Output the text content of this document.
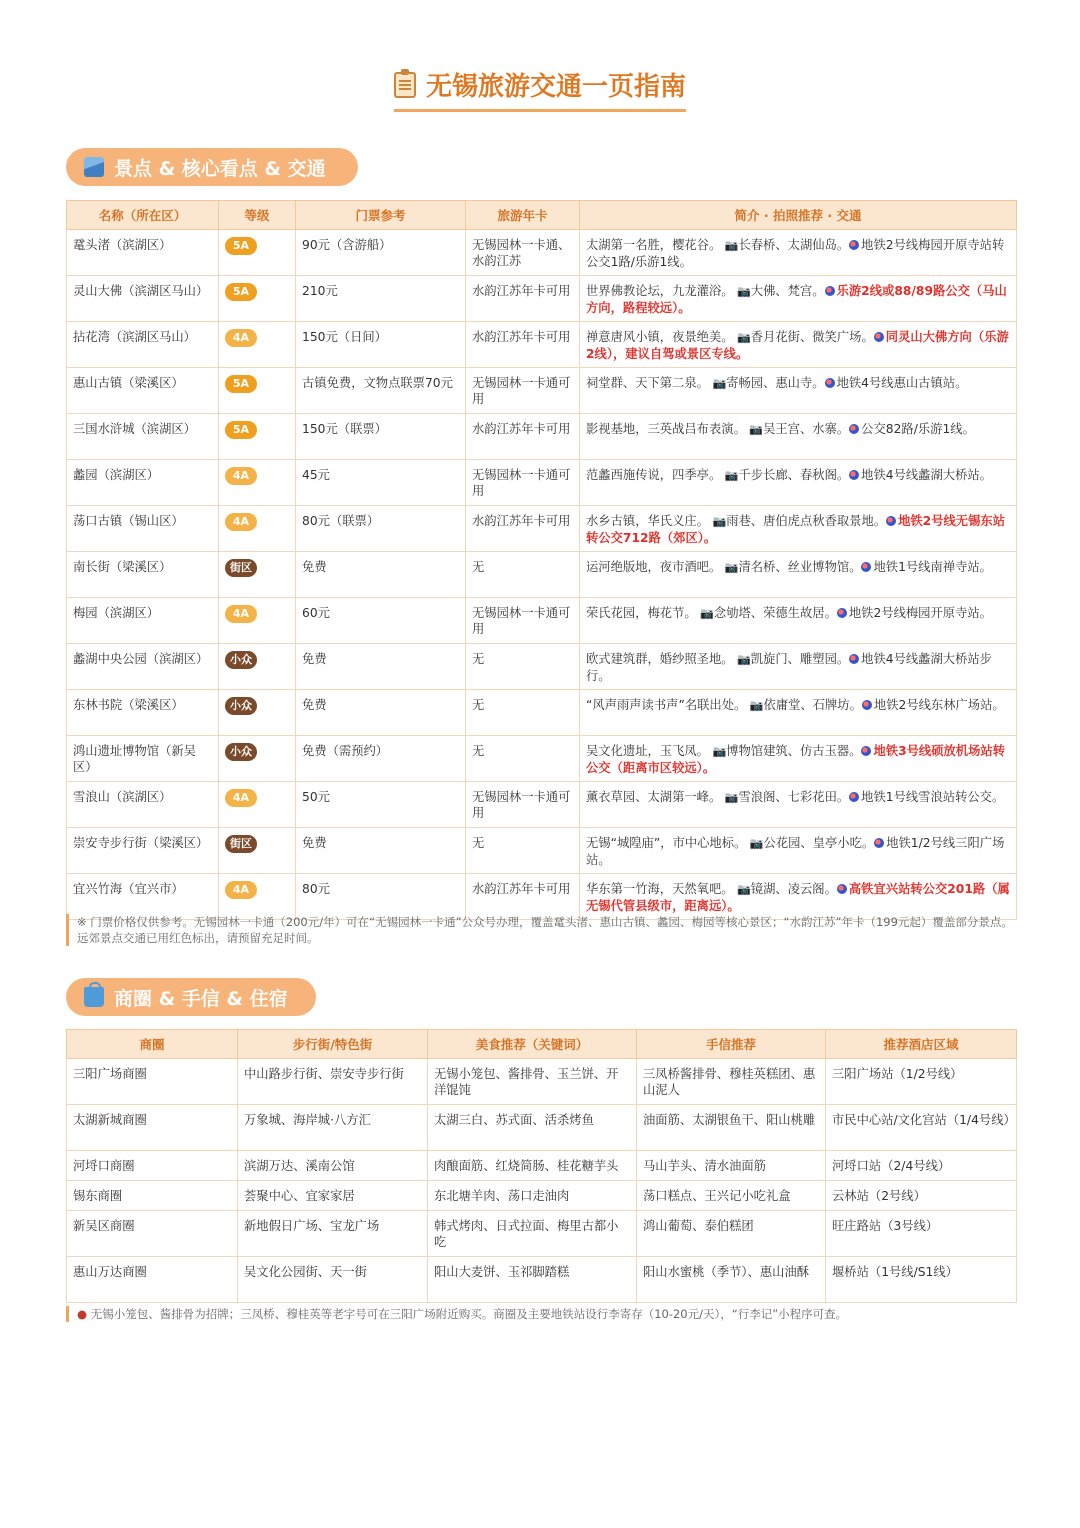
无锡旅游交通一页指南
景点 & 核心看点 & 交通
名称（所在区）	等级	门票参考	旅游年卡	简介 · 拍照推荐 · 交通
鼋头渚（滨湖区）	5A	90元（含游船）	无锡园林一卡通、水韵江苏	太湖第一名胜，樱花谷。 📷长春桥、太湖仙岛。 地铁2号线梅园开原寺站转公交1路/乐游1线。
灵山大佛（滨湖区马山）	5A	210元	水韵江苏年卡可用	世界佛教论坛，九龙灌浴。 📷大佛、梵宫。 乐游2线或88/89路公交（马山方向，路程较远）。
拈花湾（滨湖区马山）	4A	150元（日间）	水韵江苏年卡可用	禅意唐风小镇，夜景绝美。 📷香月花街、微笑广场。 同灵山大佛方向（乐游2线），建议自驾或景区专线。
惠山古镇（梁溪区）	5A	古镇免费，文物点联票70元	无锡园林一卡通可用	祠堂群、天下第二泉。 📷寄畅园、惠山寺。 地铁4号线惠山古镇站。
三国水浒城（滨湖区）	5A	150元（联票）	水韵江苏年卡可用	影视基地，三英战吕布表演。 📷吴王宫、水寨。 公交82路/乐游1线。
蠡园（滨湖区）	4A	45元	无锡园林一卡通可用	范蠡西施传说，四季亭。 📷千步长廊、春秋阁。 地铁4号线蠡湖大桥站。
荡口古镇（锡山区）	4A	80元（联票）	水韵江苏年卡可用	水乡古镇，华氏义庄。 📷雨巷、唐伯虎点秋香取景地。 地铁2号线无锡东站转公交712路（郊区）。
南长街（梁溪区）	街区	免费	无	运河绝版地，夜市酒吧。 📷清名桥、丝业博物馆。 地铁1号线南禅寺站。
梅园（滨湖区）	4A	60元	无锡园林一卡通可用	荣氏花园，梅花节。 📷念劬塔、荣德生故居。 地铁2号线梅园开原寺站。
蠡湖中央公园（滨湖区）	小众	免费	无	欧式建筑群，婚纱照圣地。 📷凯旋门、雕塑园。 地铁4号线蠡湖大桥站步行。
东林书院（梁溪区）	小众	免费	无	“风声雨声读书声”名联出处。 📷依庸堂、石牌坊。 地铁2号线东林广场站。
鸿山遗址博物馆（新吴区）	小众	免费（需预约）	无	吴文化遗址，玉飞凤。 📷博物馆建筑、仿古玉器。 地铁3号线硕放机场站转公交（距离市区较远）。
雪浪山（滨湖区）	4A	50元	无锡园林一卡通可用	薰衣草园、太湖第一峰。 📷雪浪阁、七彩花田。 地铁1号线雪浪站转公交。
崇安寺步行街（梁溪区）	街区	免费	无	无锡“城隍庙”，市中心地标。 📷公花园、皇亭小吃。 地铁1/2号线三阳广场站。
宜兴竹海（宜兴市）	4A	80元	水韵江苏年卡可用	华东第一竹海，天然氧吧。 📷镜湖、凌云阁。 高铁宜兴站转公交201路（属无锡代管县级市，距离远）。
※ 门票价格仅供参考。无锡园林一卡通（200元/年）可在“无锡园林一卡通”公众号办理，覆盖鼋头渚、惠山古镇、蠡园、梅园等核心景区；“水韵江苏”年卡（199元起）覆盖部分景点。远郊景点交通已用红色标出，请预留充足时间。
商圈 & 手信 & 住宿
商圈	步行街/特色街	美食推荐（关键词）	手信推荐	推荐酒店区域
三阳广场商圈	中山路步行街、崇安寺步行街	无锡小笼包、酱排骨、玉兰饼、开洋馄饨	三凤桥酱排骨、穆桂英糕团、惠山泥人	三阳广场站（1/2号线）
太湖新城商圈	万象城、海岸城·八方汇	太湖三白、苏式面、活杀烤鱼	油面筋、太湖银鱼干、阳山桃雕	市民中心站/文化宫站（1/4号线）
河埒口商圈	滨湖万达、溪南公馆	肉酿面筋、红烧简肠、桂花糖芋头	马山芋头、清水油面筋	河埒口站（2/4号线）
锡东商圈	荟聚中心、宜家家居	东北塘羊肉、荡口走油肉	荡口糕点、王兴记小吃礼盒	云林站（2号线）
新吴区商圈	新地假日广场、宝龙广场	韩式烤肉、日式拉面、梅里古都小吃	鸿山葡萄、泰伯糕团	旺庄路站（3号线）
惠山万达商圈	吴文化公园街、天一街	阳山大麦饼、玉祁脚踏糕	阳山水蜜桃（季节）、惠山油酥	堰桥站（1号线/S1线）
● 无锡小笼包、酱排骨为招牌；三凤桥、穆桂英等老字号可在三阳广场附近购买。商圈及主要地铁站设行李寄存（10-20元/天），“行李记”小程序可查。
